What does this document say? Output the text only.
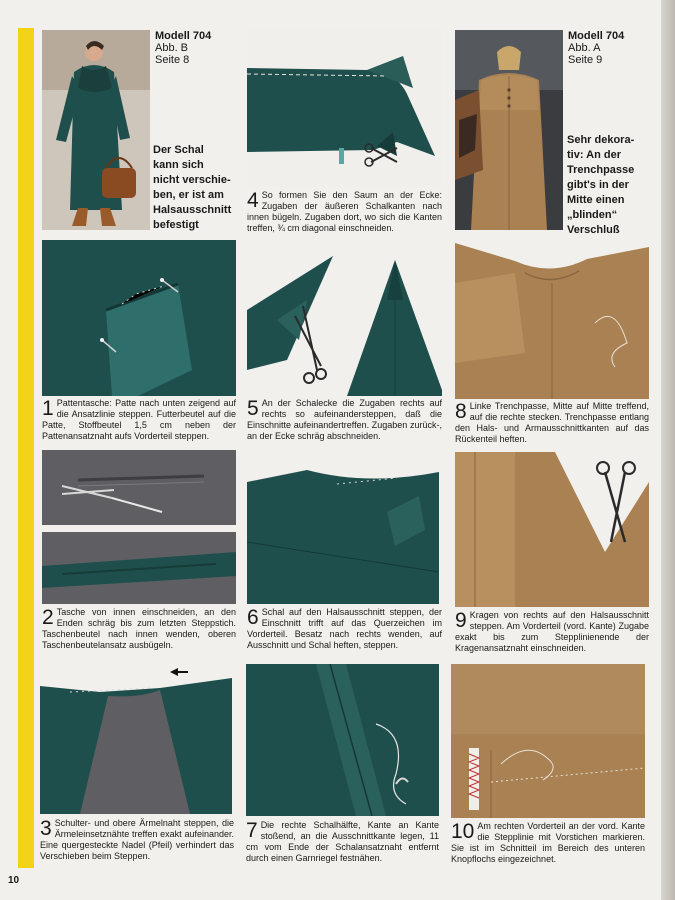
Modell 704
Abb. B
Seite 8
Der Schal
kann sich
nicht verschie-
ben, er ist am
Halsausschnitt
befestigt
4 So formen Sie den Saum an der Ecke: Zugaben der äußeren Schalkanten nach innen bügeln. Zugaben dort, wo sich die Kanten treffen, ¾ cm diagonal einschneiden.
Modell 704
Abb. A
Seite 9
Sehr dekora-
tiv: An der
Trenchpasse
gibt's in der
Mitte einen
„blinden“
Verschluß
1 Pattentasche: Patte nach unten zeigend auf die Ansatzlinie steppen. Futterbeutel auf die Patte, Stoffbeutel 1,5 cm neben der Pattenansatznaht aufs Vorderteil steppen.
5 An der Schalecke die Zugaben rechts auf rechts so aufeinandersteppen, daß die Einschnitte aufeinandertreffen. Zugaben zurück-, an der Ecke schräg abschneiden.
8 Linke Trenchpasse, Mitte auf Mitte treffend, auf die rechte stecken. Trenchpasse entlang den Hals- und Armausschnittkanten auf das Rückenteil heften.
2 Tasche von innen einschneiden, an den Enden schräg bis zum letzten Steppstich. Taschenbeutel nach innen wenden, oberen Taschenbeutelansatz ausbügeln.
6 Schal auf den Halsausschnitt steppen, der Einschnitt trifft auf das Querzeichen im Vorderteil. Besatz nach rechts wenden, auf Ausschnitt und Schal heften, steppen.
9 Kragen von rechts auf den Halsausschnitt steppen. Am Vorderteil (vord. Kante) Zugabe exakt bis zum Stepplinienende der Kragenansatznaht einschneiden.
3 Schulter- und obere Ärmelnaht steppen, die Ärmeleinsetznähte treffen exakt aufeinander. Eine quergesteckte Nadel (Pfeil) verhindert das Verschieben beim Steppen.
7 Die rechte Schalhälfte, Kante an Kante stoßend, an die Ausschnittkante legen, 11 cm vom Ende der Schalansatznaht entfernt durch einen Garnriegel festnähen.
10 Am rechten Vorderteil an der vord. Kante die Stepplinie mit Vorstichen markieren. Sie ist im Schnitteil im Bereich des unteren Knopflochs eingezeichnet.
10
